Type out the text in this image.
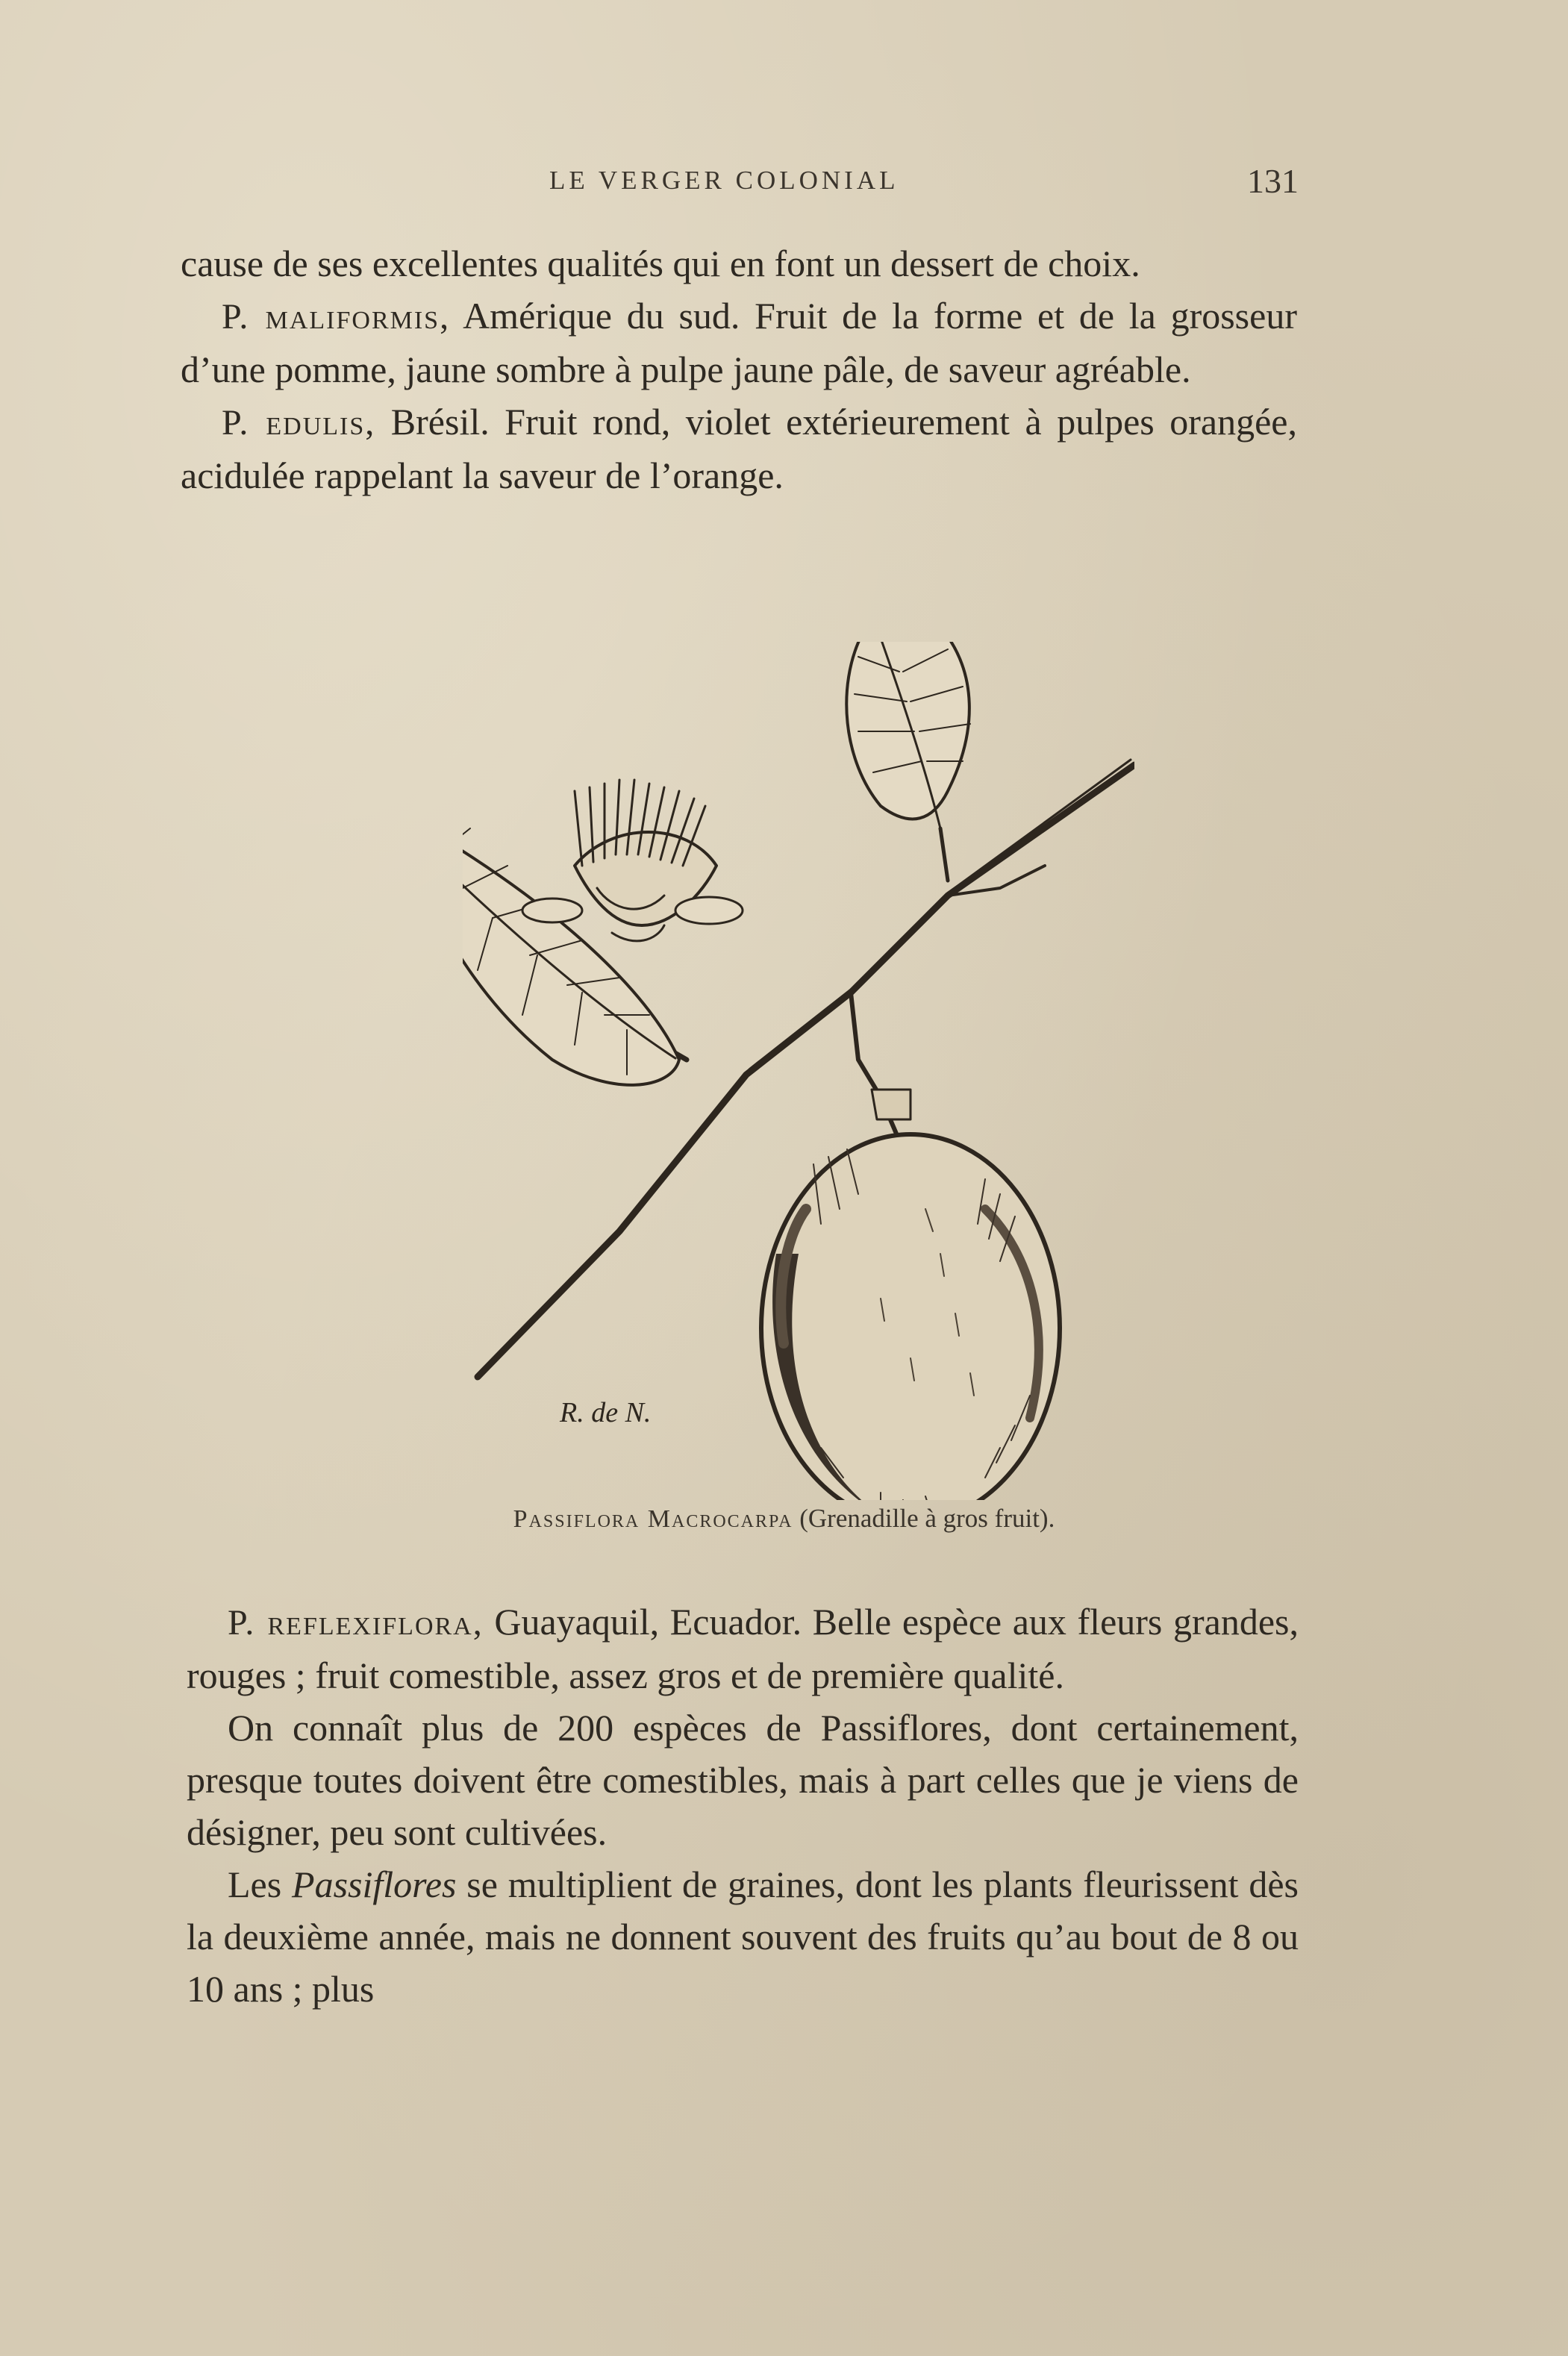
LE VERGER COLONIAL	131

cause de ses excellentes qualités qui en font un dessert de choix.

P. maliformis, Amérique du sud. Fruit de la forme et de la grosseur d’une pomme, jaune sombre à pulpe jaune pâle, de saveur agréable.

P. edulis, Brésil. Fruit rond, violet extérieurement à pulpes orangée, acidulée rappelant la saveur de l’orange.

R. de N.
Passiflora Macrocarpa (Grenadille à gros fruit).

P. reflexiflora, Guayaquil, Ecuador. Belle espèce aux fleurs grandes, rouges ; fruit comestible, assez gros et de première qualité.

On connaît plus de 200 espèces de Passiflores, dont certainement, presque toutes doivent être comestibles, mais à part celles que je viens de désigner, peu sont cultivées.

Les Passiflores se multiplient de graines, dont les plants fleurissent dès la deuxième année, mais ne donnent souvent des fruits qu’au bout de 8 ou 10 ans ; plus
